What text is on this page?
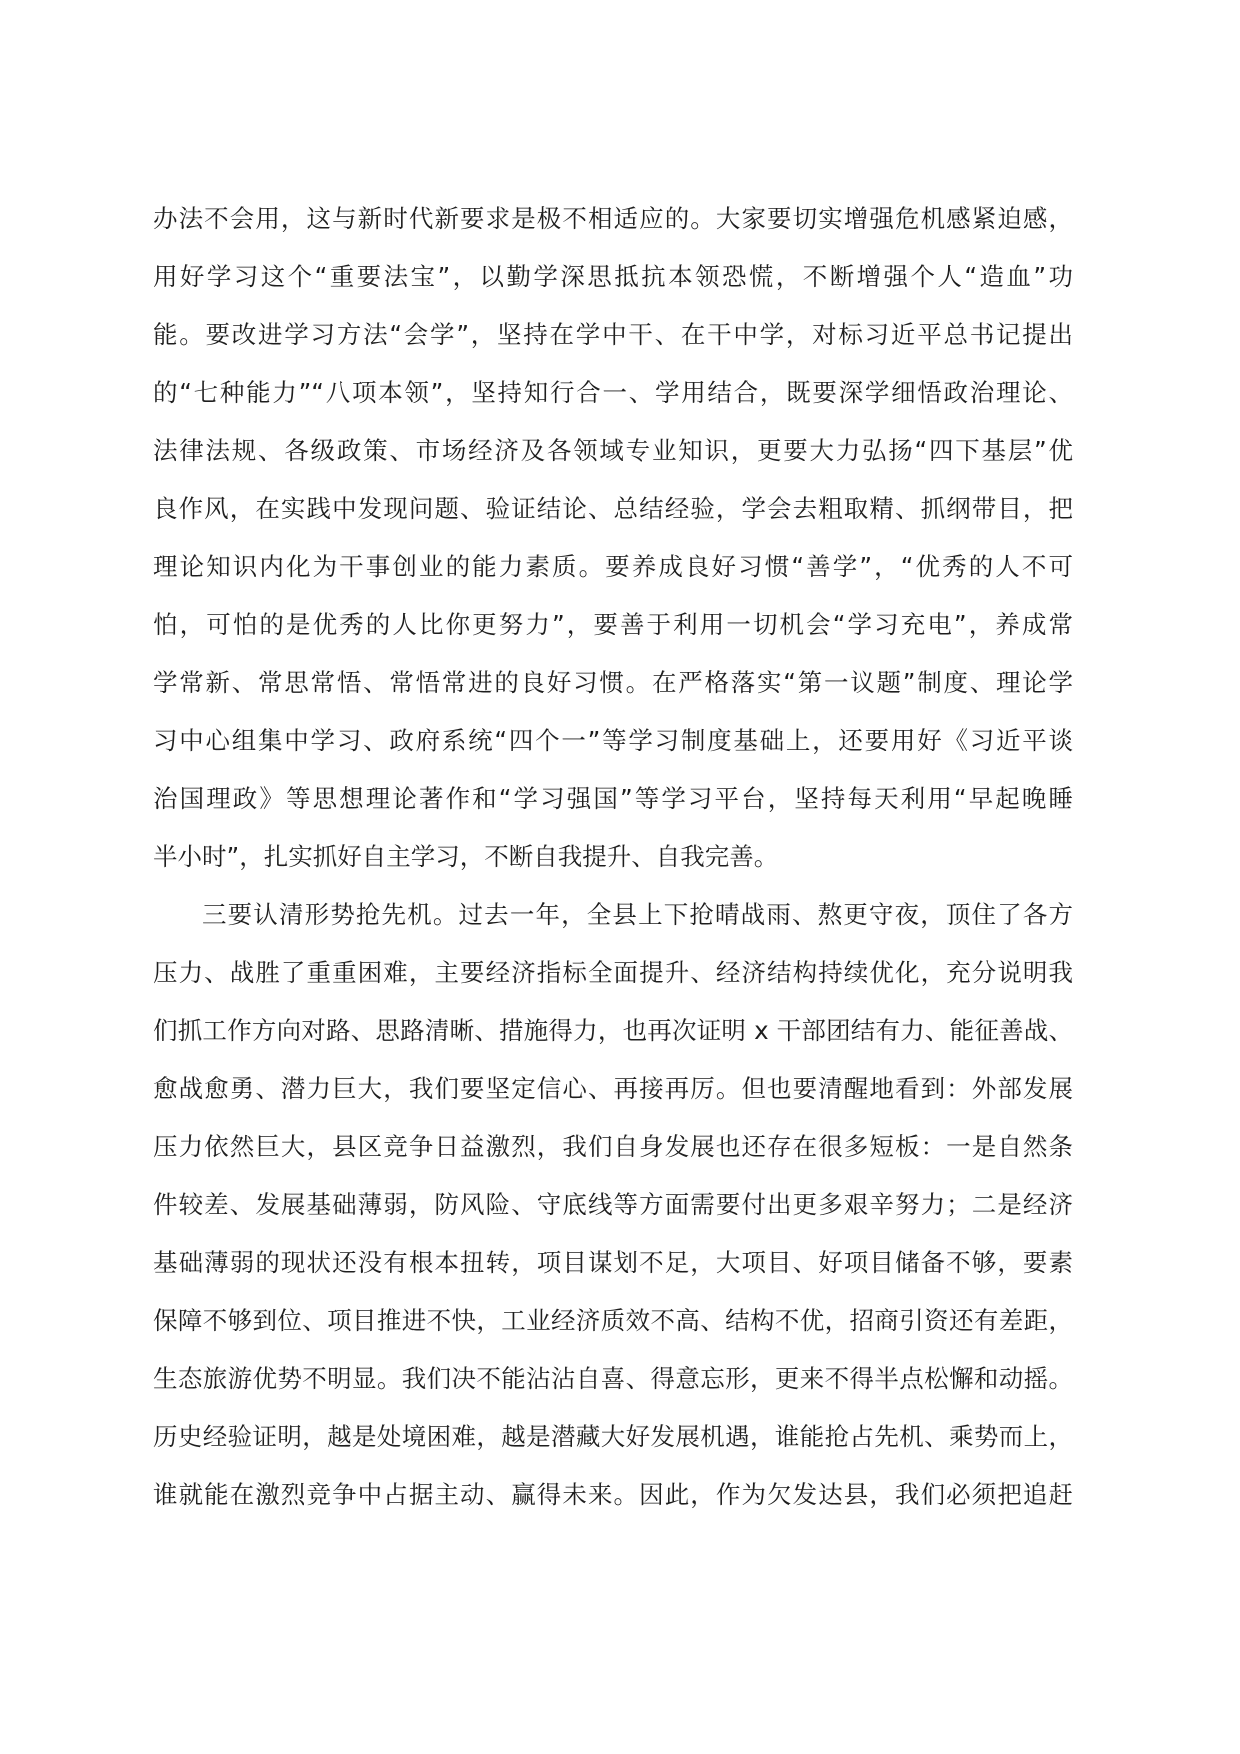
办法不会用，这与新时代新要求是极不相适应的。大家要切实增强危机感紧迫感，
用好学习这个“重要法宝”，以勤学深思抵抗本领恐慌，不断增强个人“造血”功
能。要改进学习方法“会学”，坚持在学中干、在干中学，对标习近平总书记提出
的“七种能力”“八项本领”，坚持知行合一、学用结合，既要深学细悟政治理论、
法律法规、各级政策、市场经济及各领域专业知识，更要大力弘扬“四下基层”优
良作风，在实践中发现问题、验证结论、总结经验，学会去粗取精、抓纲带目，把
理论知识内化为干事创业的能力素质。要养成良好习惯“善学”，“优秀的人不可
怕，可怕的是优秀的人比你更努力”，要善于利用一切机会“学习充电”，养成常
学常新、常思常悟、常悟常进的良好习惯。在严格落实“第一议题”制度、理论学
习中心组集中学习、政府系统“四个一”等学习制度基础上，还要用好《习近平谈
治国理政》等思想理论著作和“学习强国”等学习平台，坚持每天利用“早起晚睡
半小时”，扎实抓好自主学习，不断自我提升、自我完善。
三要认清形势抢先机。过去一年，全县上下抢晴战雨、熬更守夜，顶住了各方
压力、战胜了重重困难，主要经济指标全面提升、经济结构持续优化，充分说明我
们抓工作方向对路、思路清晰、措施得力，也再次证明 x 干部团结有力、能征善战、
愈战愈勇、潜力巨大，我们要坚定信心、再接再厉。但也要清醒地看到：外部发展
压力依然巨大，县区竞争日益激烈，我们自身发展也还存在很多短板：一是自然条
件较差、发展基础薄弱，防风险、守底线等方面需要付出更多艰辛努力；二是经济
基础薄弱的现状还没有根本扭转，项目谋划不足，大项目、好项目储备不够，要素
保障不够到位、项目推进不快，工业经济质效不高、结构不优，招商引资还有差距，
生态旅游优势不明显。我们决不能沾沾自喜、得意忘形，更来不得半点松懈和动摇。
历史经验证明，越是处境困难，越是潜藏大好发展机遇，谁能抢占先机、乘势而上，
谁就能在激烈竞争中占据主动、赢得未来。因此，作为欠发达县，我们必须把追赶
